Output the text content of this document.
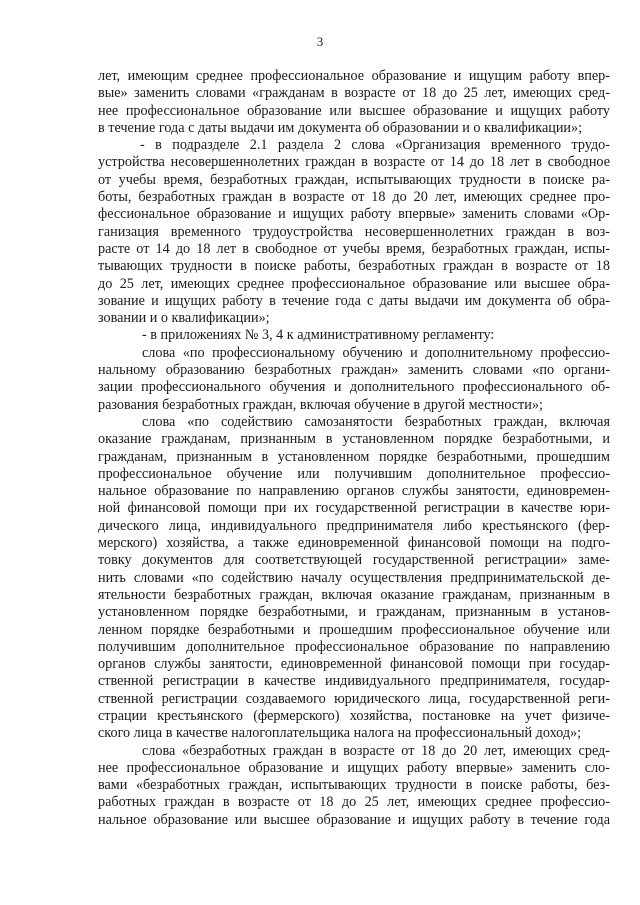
3
лет, имеющим среднее профессиональное образование и ищущим работу впер-
вые» заменить словами «гражданам в возрасте от 18 до 25 лет, имеющих сред-
нее профессиональное образование или высшее образование и ищущих работу
в течение года с даты выдачи им документа об образовании и о квалификации»;
- в подразделе 2.1 раздела 2 слова «Организация временного трудо-
устройства несовершеннолетних граждан в возрасте от 14 до 18 лет в свободное
от учебы время, безработных граждан, испытывающих трудности в поиске ра-
боты, безработных граждан в возрасте от 18 до 20 лет, имеющих среднее про-
фессиональное образование и ищущих работу впервые» заменить словами «Ор-
ганизация временного трудоустройства несовершеннолетних граждан в воз-
расте от 14 до 18 лет в свободное от учебы время, безработных граждан, испы-
тывающих трудности в поиске работы, безработных граждан в возрасте от 18
до 25 лет, имеющих среднее профессиональное образование или высшее обра-
зование и ищущих работу в течение года с даты выдачи им документа об обра-
зовании и о квалификации»;
- в приложениях № 3, 4 к административному регламенту:
слова «по профессиональному обучению и дополнительному профессио-
нальному образованию безработных граждан» заменить словами «по органи-
зации профессионального обучения и дополнительного профессионального об-
разования безработных граждан, включая обучение в другой местности»;
слова «по содействию самозанятости безработных граждан, включая
оказание гражданам, признанным в установленном порядке безработными, и
гражданам, признанным в установленном порядке безработными, прошедшим
профессиональное обучение или получившим дополнительное профессио-
нальное образование по направлению органов службы занятости, единовремен-
ной финансовой помощи при их государственной регистрации в качестве юри-
дического лица, индивидуального предпринимателя либо крестьянского (фер-
мерского) хозяйства, а также единовременной финансовой помощи на подго-
товку документов для соответствующей государственной регистрации» заме-
нить словами «по содействию началу осуществления предпринимательской де-
ятельности безработных граждан, включая оказание гражданам, признанным в
установленном порядке безработными, и гражданам, признанным в установ-
ленном порядке безработными и прошедшим профессиональное обучение или
получившим дополнительное профессиональное образование по направлению
органов службы занятости, единовременной финансовой помощи при государ-
ственной регистрации в качестве индивидуального предпринимателя, государ-
ственной регистрации создаваемого юридического лица, государственной реги-
страции крестьянского (фермерского) хозяйства, постановке на учет физиче-
ского лица в качестве налогоплательщика налога на профессиональный доход»;
слова «безработных граждан в возрасте от 18 до 20 лет, имеющих сред-
нее профессиональное образование и ищущих работу впервые» заменить сло-
вами «безработных граждан, испытывающих трудности в поиске работы, без-
работных граждан в возрасте от 18 до 25 лет, имеющих среднее профессио-
нальное образование или высшее образование и ищущих работу в течение года
